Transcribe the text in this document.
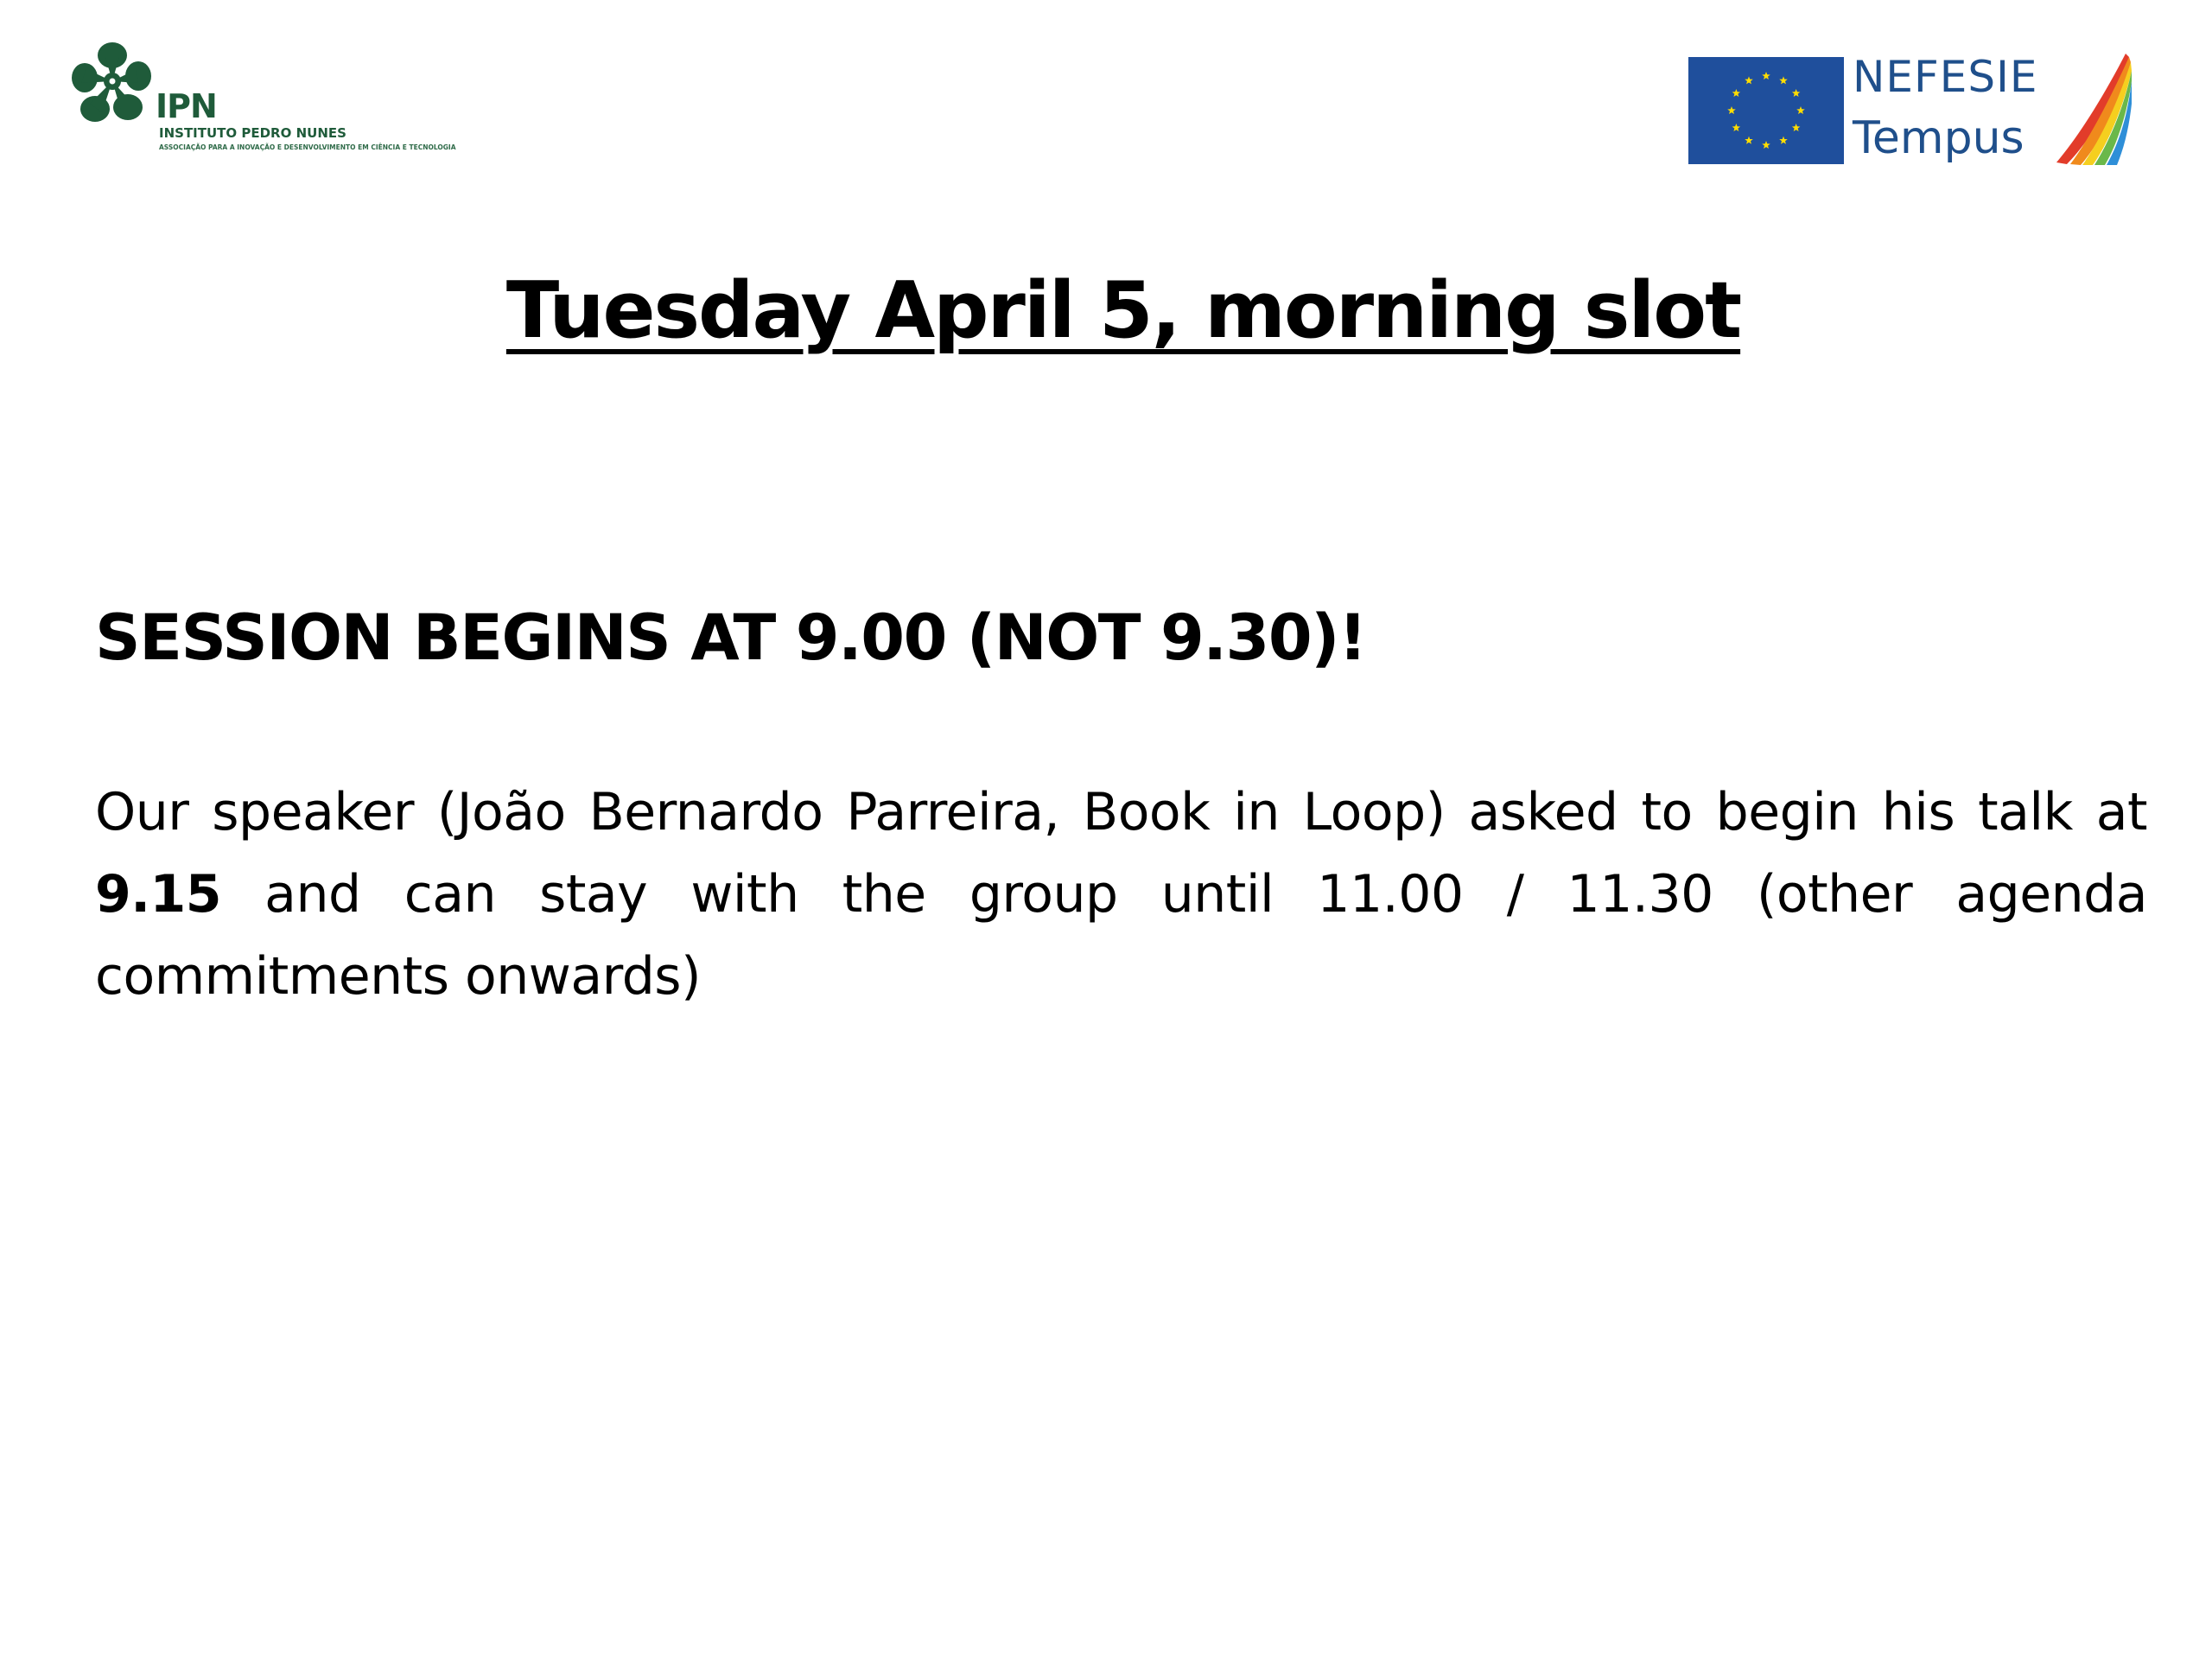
IPN
INSTITUTO PEDRO NUNES
ASSOCIAÇÃO PARA A INOVAÇÃO E DESENVOLVIMENTO EM CIÊNCIA E TECNOLOGIA
NEFESIE
Tempus
Tuesday April 5, morning slot
SESSION BEGINS AT 9.00 (NOT 9.30)!
Our speaker (João Bernardo Parreira, Book in Loop) asked to begin his talk at 9.15 and can stay with the group until 11.00 / 11.30 (other agenda commitments onwards)
